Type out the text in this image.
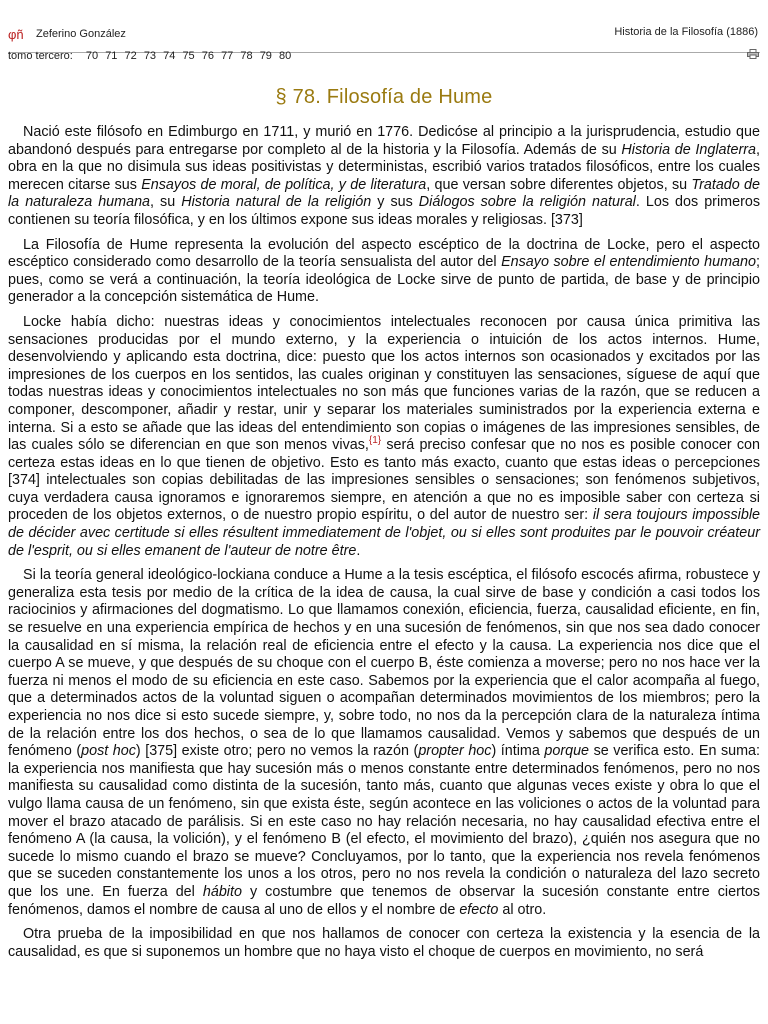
φñ Zeferino González	Historia de la Filosofía (1886)
tomo tercero: 70 71 72 73 74 75 76 77 78 79 80
§ 78. Filosofía de Hume

Nació este filósofo en Edimburgo en 1711, y murió en 1776. Dedicóse al principio a la jurisprudencia, estudio que abandonó después para entregarse por completo al de la historia y la Filosofía. Además de su Historia de Inglaterra, obra en la que no disimula sus ideas positivistas y deterministas, escribió varios tratados filosóficos, entre los cuales merecen citarse sus Ensayos de moral, de política, y de literatura, que versan sobre diferentes objetos, su Tratado de la naturaleza humana, su Historia natural de la religión y sus Diálogos sobre la religión natural. Los dos primeros contienen su teoría filosófica, y en los últimos expone sus ideas morales y religiosas. [373]

La Filosofía de Hume representa la evolución del aspecto escéptico de la doctrina de Locke, pero el aspecto escéptico considerado como desarrollo de la teoría sensualista del autor del Ensayo sobre el entendimiento humano; pues, como se verá a continuación, la teoría ideológica de Locke sirve de punto de partida, de base y de principio generador a la concepción sistemática de Hume.

Locke había dicho: nuestras ideas y conocimientos intelectuales reconocen por causa única primitiva las sensaciones producidas por el mundo externo, y la experiencia o intuición de los actos internos. Hume, desenvolviendo y aplicando esta doctrina, dice: puesto que los actos internos son ocasionados y excitados por las impresiones de los cuerpos en los sentidos, las cuales originan y constituyen las sensaciones, síguese de aquí que todas nuestras ideas y conocimientos intelectuales no son más que funciones varias de la razón, que se reducen a componer, descomponer, añadir y restar, unir y separar los materiales suministrados por la experiencia externa e interna. Si a esto se añade que las ideas del entendimiento son copias o imágenes de las impresiones sensibles, de las cuales sólo se diferencian en que son menos vivas,$^{\{1\}}$ será preciso confesar que no nos es posible conocer con certeza estas ideas en lo que tienen de objetivo. Esto es tanto más exacto, cuanto que estas ideas o percepciones [374] intelectuales son copias debilitadas de las impresiones sensibles o sensaciones; son fenómenos subjetivos, cuya verdadera causa ignoramos e ignoraremos siempre, en atención a que no es imposible saber con certeza si proceden de los objetos externos, o de nuestro propio espíritu, o del autor de nuestro ser: il sera toujours impossible de décider avec certitude si elles résultent immediatement de l'objet, ou si elles sont produites par le pouvoir créateur de l'esprit, ou si elles emanent de l'auteur de notre être.

Si la teoría general ideológico-lockiana conduce a Hume a la tesis escéptica, el filósofo escocés afirma, robustece y generaliza esta tesis por medio de la crítica de la idea de causa, la cual sirve de base y condición a casi todos los raciocinios y afirmaciones del dogmatismo. Lo que llamamos conexión, eficiencia, fuerza, causalidad eficiente, en fin, se resuelve en una experiencia empírica de hechos y en una sucesión de fenómenos, sin que nos sea dado conocer la causalidad en sí misma, la relación real de eficiencia entre el efecto y la causa. La experiencia nos dice que el cuerpo A se mueve, y que después de su choque con el cuerpo B, éste comienza a moverse; pero no nos hace ver la fuerza ni menos el modo de su eficiencia en este caso. Sabemos por la experiencia que el calor acompaña al fuego, que a determinados actos de la voluntad siguen o acompañan determinados movimientos de los miembros; pero la experiencia no nos dice si esto sucede siempre, y, sobre todo, no nos da la percepción clara de la naturaleza íntima de la relación entre los dos hechos, o sea de lo que llamamos causalidad. Vemos y sabemos que después de un fenómeno (post hoc) [375] existe otro; pero no vemos la razón (propter hoc) íntima porque se verifica esto. En suma: la experiencia nos manifiesta que hay sucesión más o menos constante entre determinados fenómenos, pero no nos manifiesta su causalidad como distinta de la sucesión, tanto más, cuanto que algunas veces existe y obra lo que el vulgo llama causa de un fenómeno, sin que exista éste, según acontece en las voliciones o actos de la voluntad para mover el brazo atacado de parálisis. Si en este caso no hay relación necesaria, no hay causalidad efectiva entre el fenómeno A (la causa, la volición), y el fenómeno B (el efecto, el movimiento del brazo), ¿quién nos asegura que no sucede lo mismo cuando el brazo se mueve? Concluyamos, por lo tanto, que la experiencia nos revela fenómenos que se suceden constantemente los unos a los otros, pero no nos revela la condición o naturaleza del lazo secreto que los une. En fuerza del hábito y costumbre que tenemos de observar la sucesión constante entre ciertos fenómenos, damos el nombre de causa al uno de ellos y el nombre de efecto al otro.

Otra prueba de la imposibilidad en que nos hallamos de conocer con certeza la existencia y la esencia de la causalidad, es que si suponemos un hombre que no haya visto el choque de cuerpos en movimiento, no será
